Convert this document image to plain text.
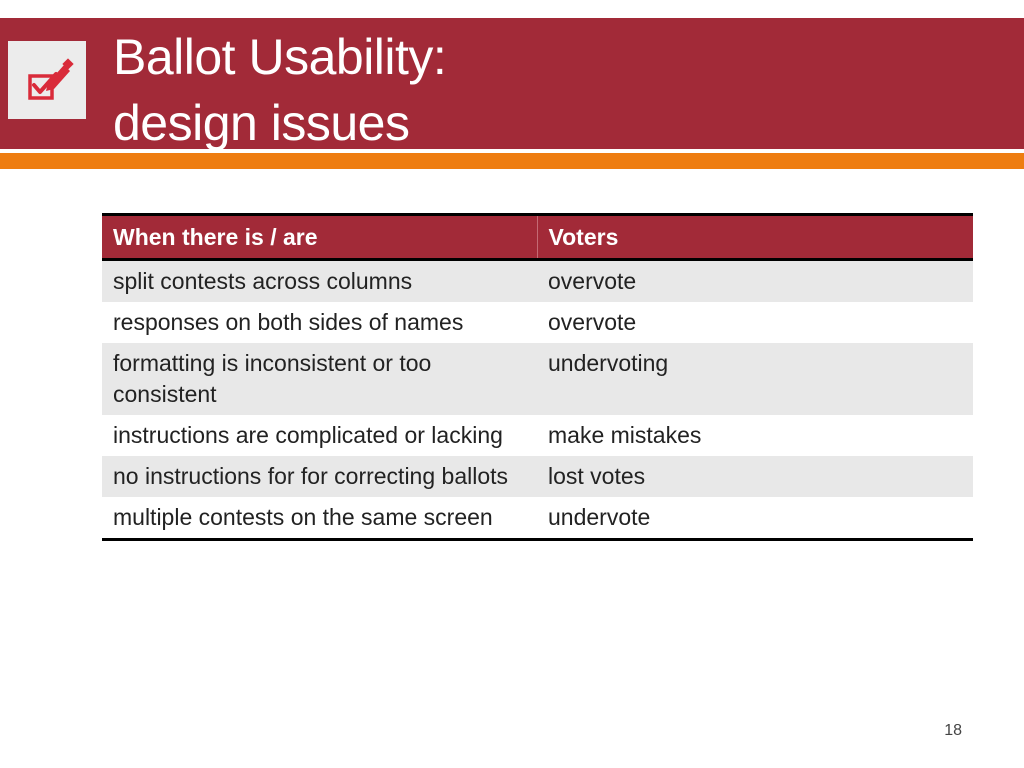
Ballot Usability:
design issues
When there is / are	Voters
split contests across columns	overvote
responses on both sides of names	overvote
formatting is inconsistent or too consistent	undervoting
instructions are complicated or lacking	make mistakes
no instructions for for correcting ballots	lost votes
multiple contests on the same screen	undervote
18
